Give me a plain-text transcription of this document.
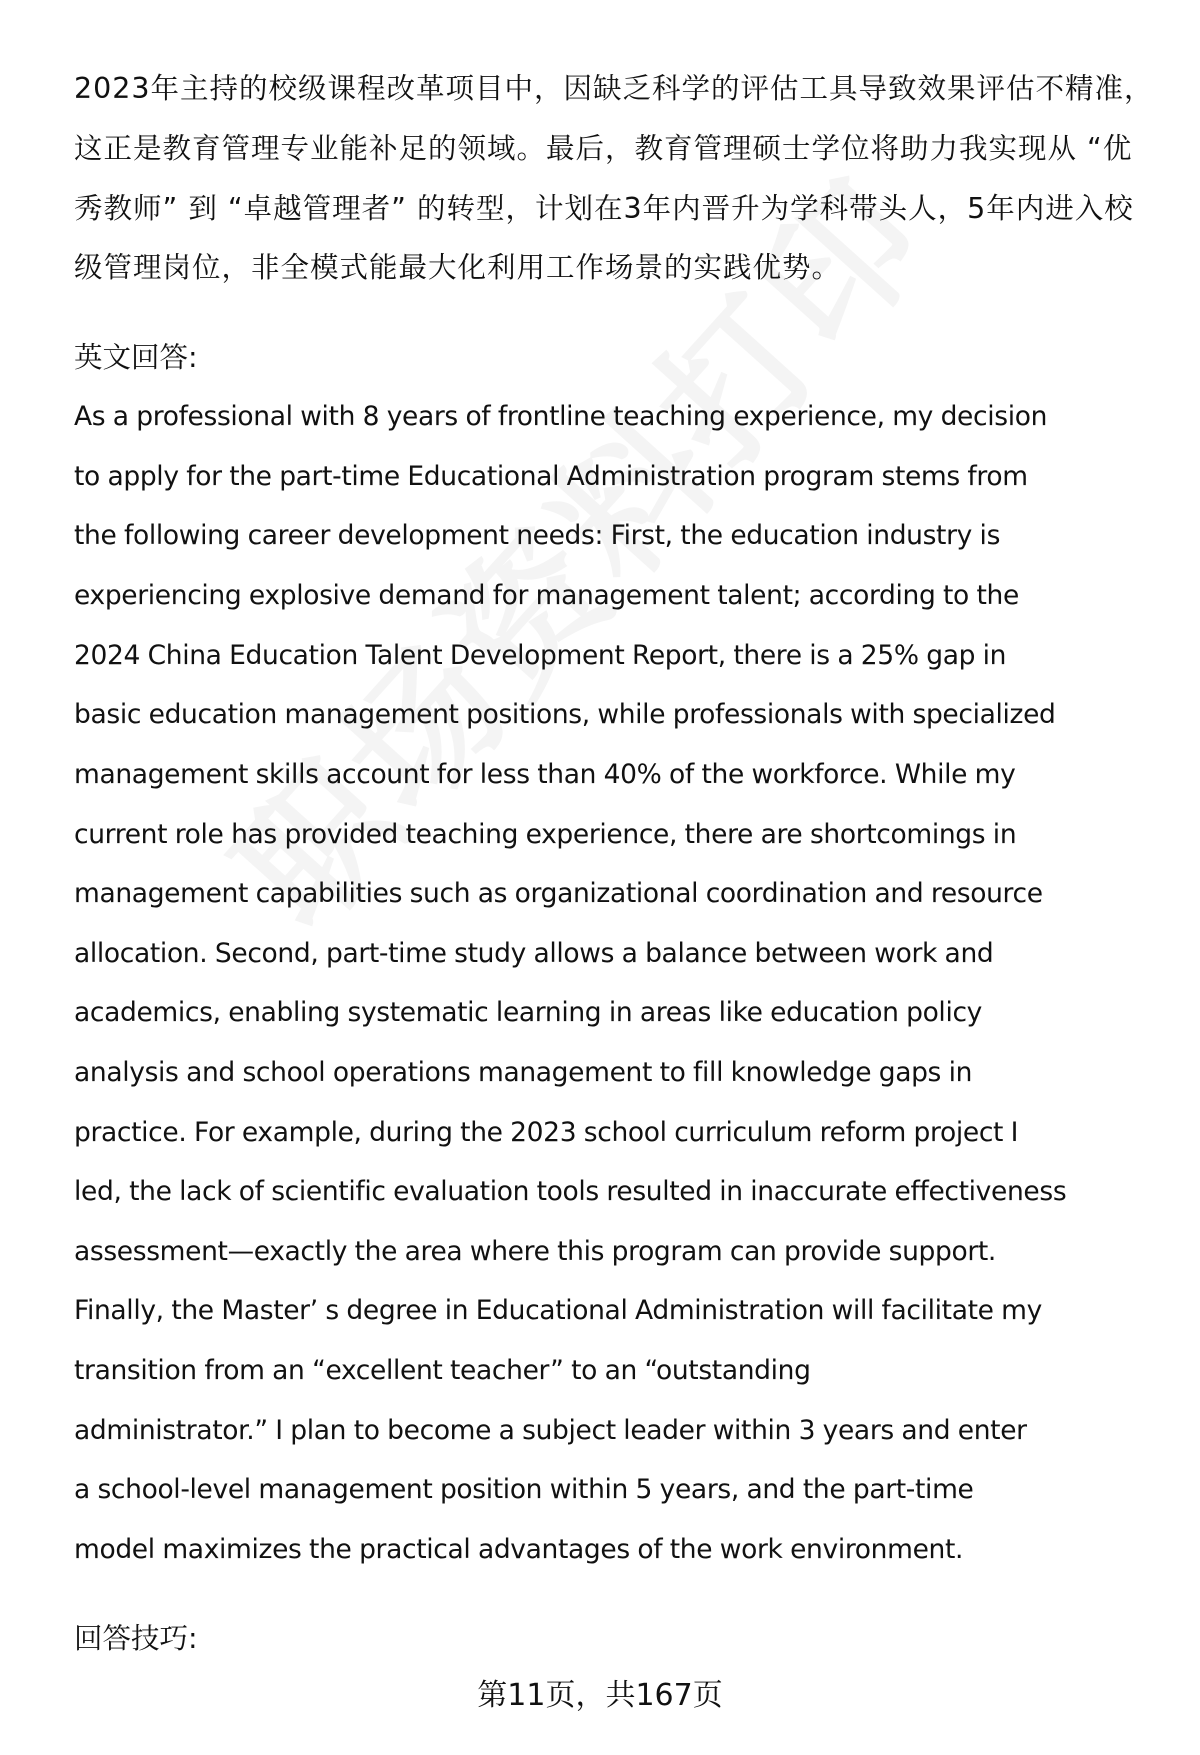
2023年主持的校级课程改革项目中，因缺乏科学的评估工具导致效果评估不精准，
这正是教育管理专业能补足的领域。最后，教育管理硕士学位将助力我实现从 “优
秀教师” 到 “卓越管理者” 的转型，计划在3年内晋升为学科带头人，5年内进入校
级管理岗位，非全模式能最大化利用工作场景的实践优势。
英文回答:
As a professional with 8 years of frontline teaching experience, my decision
to apply for the part-time Educational Administration program stems from
the following career development needs: First, the education industry is
experiencing explosive demand for management talent; according to the
2024 China Education Talent Development Report, there is a 25% gap in
basic education management positions, while professionals with specialized
management skills account for less than 40% of the workforce. While my
current role has provided teaching experience, there are shortcomings in
management capabilities such as organizational coordination and resource
allocation. Second, part-time study allows a balance between work and
academics, enabling systematic learning in areas like education policy
analysis and school operations management to fill knowledge gaps in
practice. For example, during the 2023 school curriculum reform project I
led, the lack of scientific evaluation tools resulted in inaccurate effectiveness
assessment—exactly the area where this program can provide support.
Finally, the Master’ s degree in Educational Administration will facilitate my
transition from an “excellent teacher” to an “outstanding
administrator.” I plan to become a subject leader within 3 years and enter
a school-level management position within 5 years, and the part-time
model maximizes the practical advantages of the work environment.
回答技巧:
第11页，共167页
